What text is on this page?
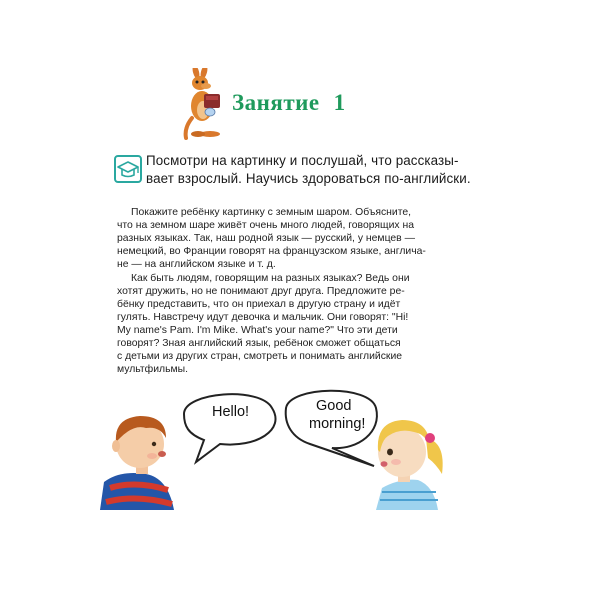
Занятие 1
Посмотри на картинку и послушай, что рассказы-
вает взрослый. Научись здороваться по-английски.
Покажите ребёнку картинку с земным шаром. Объясните,
что на земном шаре живёт очень много людей, говорящих на
разных языках. Так, наш родной язык — русский, у немцев —
немецкий, во Франции говорят на французском языке, англича-
не — на английском языке и т. д.
Как быть людям, говорящим на разных языках? Ведь они
хотят дружить, но не понимают друг друга. Предложите ре-
бёнку представить, что он приехал в другую страну и идёт
гулять. Навстречу идут девочка и мальчик. Они говорят: "Hi!
My name's Pam. I'm Mike. What's your name?" Что эти дети
говорят? Зная английский язык, ребёнок сможет общаться
с детьми из других стран, смотреть и понимать английские
мультфильмы.
Hello!	Good
morning!
